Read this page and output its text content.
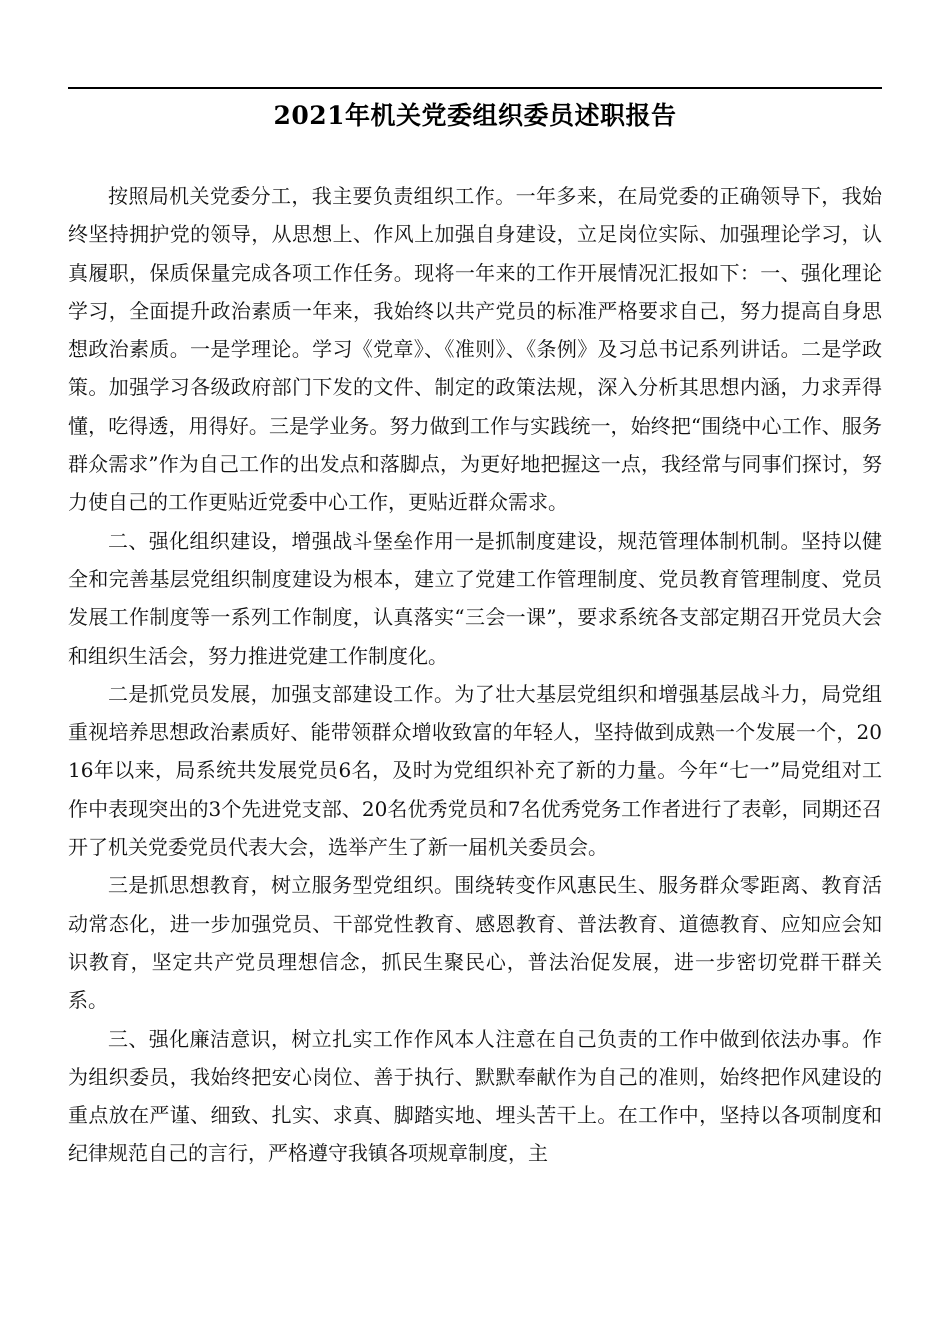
2021年机关党委组织委员述职报告

按照局机关党委分工，我主要负责组织工作。一年多来，在局党委的正确领导下，我始终坚持拥护党的领导，从思想上、作风上加强自身建设，立足岗位实际、加强理论学习，认真履职，保质保量完成各项工作任务。现将一年来的工作开展情况汇报如下：一、强化理论学习，全面提升政治素质一年来，我始终以共产党员的标准严格要求自己，努力提高自身思想政治素质。一是学理论。学习《党章》、《准则》、《条例》及习总书记系列讲话。二是学政策。加强学习各级政府部门下发的文件、制定的政策法规，深入分析其思想内涵，力求弄得懂，吃得透，用得好。三是学业务。努力做到工作与实践统一，始终把“围绕中心工作、服务群众需求”作为自己工作的出发点和落脚点，为更好地把握这一点，我经常与同事们探讨，努力使自己的工作更贴近党委中心工作，更贴近群众需求。

二、强化组织建设，增强战斗堡垒作用一是抓制度建设，规范管理体制机制。坚持以健全和完善基层党组织制度建设为根本，建立了党建工作管理制度、党员教育管理制度、党员发展工作制度等一系列工作制度，认真落实“三会一课”，要求系统各支部定期召开党员大会和组织生活会，努力推进党建工作制度化。

二是抓党员发展，加强支部建设工作。为了壮大基层党组织和增强基层战斗力，局党组重视培养思想政治素质好、能带领群众增收致富的年轻人，坚持做到成熟一个发展一个，2016年以来，局系统共发展党员6名，及时为党组织补充了新的力量。今年“七一”局党组对工作中表现突出的3个先进党支部、20名优秀党员和7名优秀党务工作者进行了表彰，同期还召开了机关党委党员代表大会，选举产生了新一届机关委员会。

三是抓思想教育，树立服务型党组织。围绕转变作风惠民生、服务群众零距离、教育活动常态化，进一步加强党员、干部党性教育、感恩教育、普法教育、道德教育、应知应会知识教育，坚定共产党员理想信念，抓民生聚民心，普法治促发展，进一步密切党群干群关系。

三、强化廉洁意识，树立扎实工作作风本人注意在自己负责的工作中做到依法办事。作为组织委员，我始终把安心岗位、善于执行、默默奉献作为自己的准则，始终把作风建设的重点放在严谨、细致、扎实、求真、脚踏实地、埋头苦干上。在工作中，坚持以各项制度和纪律规范自己的言行，严格遵守我镇各项规章制度，主
